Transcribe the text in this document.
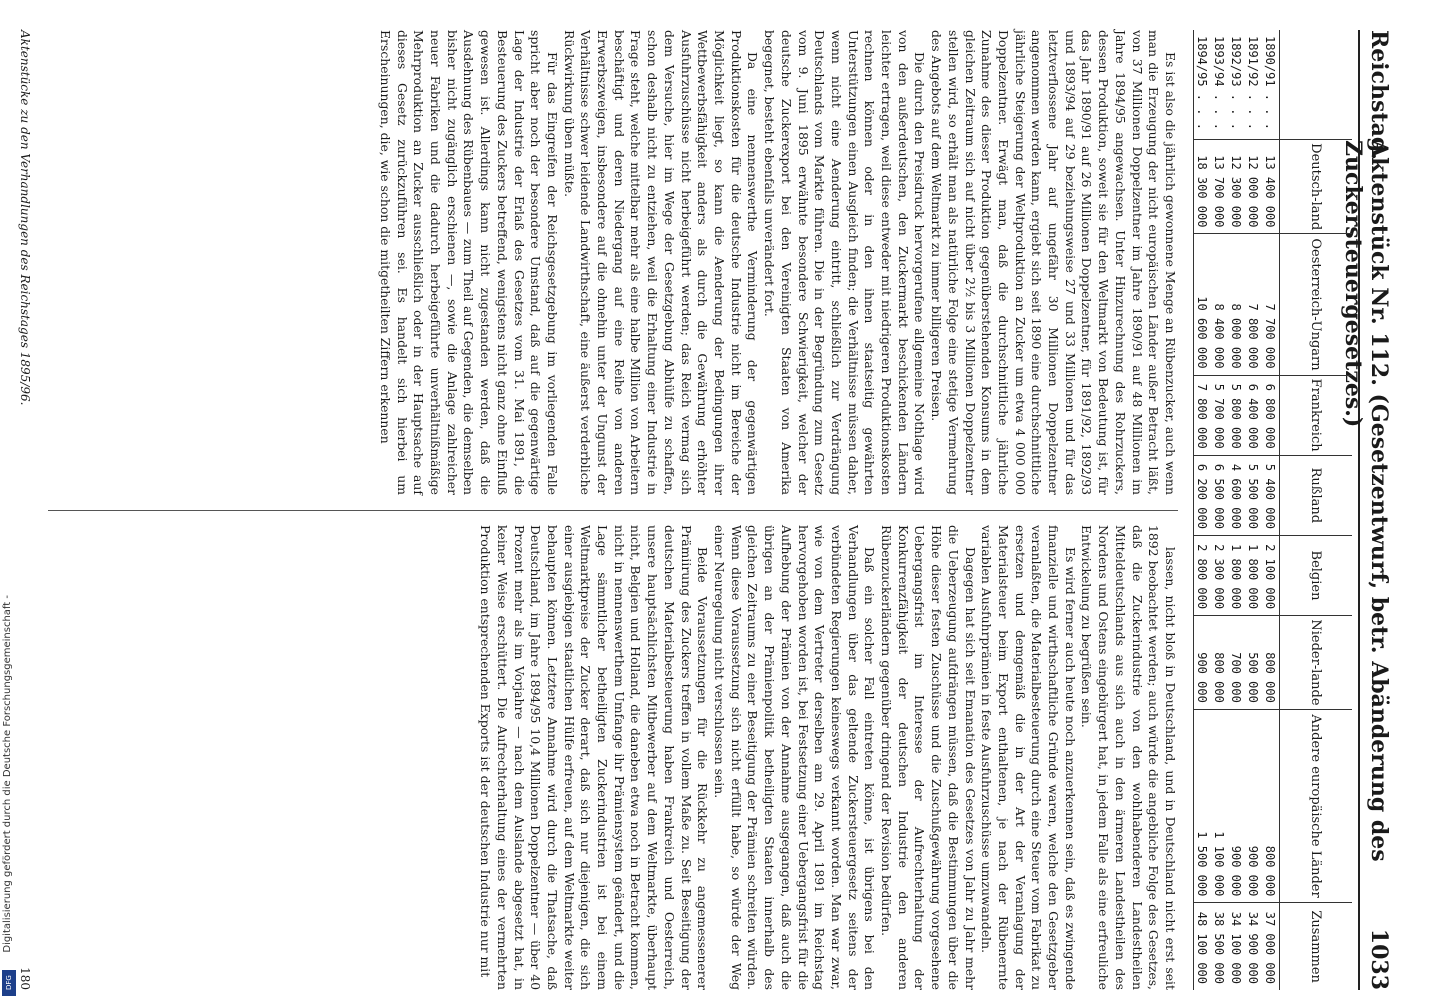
Digitalisierung gefördert durch die Deutsche Forschungsgemeinschaft -
DFG
Reichstag.
Aktenstück Nr. 112. (Gesetzentwurf, betr. Abänderung des Zuckersteuergesetzes.)
1033
	Deutsch-land	Oesterreich-Ungarn	Frankreich	Rußland	Belgien	Nieder-lande	Andere europäische Länder	Zusammen
1890/91 . . .	13 400 000	7 700 000	6 800 000	5 400 000	2 100 000	800 000	800 000	37 000 000
1891/92 . . .	12 000 000	7 800 000	6 400 000	5 500 000	1 800 000	500 000	900 000	34 900 000
1892/93 . . .	12 300 000	8 000 000	5 800 000	4 600 000	1 800 000	700 000	900 000	34 100 000
1893/94 . . .	13 700 000	8 400 000	5 700 000	6 500 000	2 300 000	800 000	1 100 000	38 500 000
1894/95 . . .	18 300 000	10 600 000	7 800 000	6 200 000	2 800 000	900 000	1 500 000	48 100 000

Es ist also die jährlich gewonnene Menge an Rübenzucker, auch wenn man die Erzeugung der nicht europäischen Länder außer Betracht läßt, von 37 Millionen Doppelzentner im Jahre 1890/91 auf 48 Millionen im Jahre 1894/95 angewachsen. Unter Hinzurechnung des Rohrzuckers, dessen Produktion, soweit sie für den Weltmarkt von Bedeutung ist, für das Jahr 1890/91 auf 26 Millionen Doppelzentner, für 1891/92, 1892/93 und 1893/94 auf 29 beziehungsweise 27 und 33 Millionen und für das letztverflossene Jahr auf ungefähr 30 Millionen Doppelzentner angenommen werden kann, ergiebt sich seit 1890 eine durchschnittliche jährliche Steigerung der Weltproduktion an Zucker um etwa 4 000 000 Doppelzentner. Erwägt man, daß die durchschnittliche jährliche Zunahme des dieser Produktion gegenüberstehenden Konsums in dem gleichen Zeitraum sich auf nicht über 2½ bis 3 Millionen Doppelzentner stellen wird, so erhält man als natürliche Folge eine stetige Vermehrung des Angebots auf dem Weltmarkt zu immer billigeren Preisen.

Die durch den Preisdruck hervorgerufene allgemeine Nothlage wird von den außerdeutschen, den Zuckermarkt beschickenden Ländern leichter ertragen, weil diese entweder mit niedrigeren Produktionskosten rechnen können oder in den ihnen staatseitig gewährten Unterstützungen einen Ausgleich finden; die Verhältnisse müssen daher, wenn nicht eine Aenderung eintritt, schließlich zur Verdrängung Deutschlands vom Markte führen. Die in der Begründung zum Gesetz vom 9. Juni 1895 erwähnte besondere Schwierigkeit, welcher der deutsche Zuckerexport bei den Vereinigten Staaten von Amerika begegnet, besteht ebenfalls unverändert fort.

Da eine nennenswerthe Verminderung der gegenwärtigen Produktionskosten für die deutsche Industrie nicht im Bereiche der Möglichkeit liegt, so kann die Aenderung der Bedingungen ihrer Wettbewerbsfähigkeit anders als durch die Gewährung erhöhter Ausfuhrzuschüsse nicht herbeigeführt werden; das Reich vermag sich dem Versuche, hier im Wege der Gesetzgebung Abhülfe zu schaffen, schon deshalb nicht zu entziehen, weil die Erhaltung einer Industrie in Frage steht, welche mittelbar mehr als eine halbe Million von Arbeitern beschäftigt und deren Niedergang auf eine Reihe von anderen Erwerbszweigen, insbesondere auf die ohnehin unter der Ungunst der Verhältnisse schwer leidende Landwirthschaft, eine äußerst verderbliche Rückwirkung üben müßte.

Für das Eingreifen der Reichsgesetzgebung im vorliegenden Falle spricht aber noch der besondere Umstand, daß auf die gegenwärtige Lage der Industrie der Erlaß des Gesetzes vom 31. Mai 1891, die Besteuerung des Zuckers betreffend, wenigstens nicht ganz ohne Einfluß gewesen ist. Allerdings kann nicht zugestanden werden, daß die Ausdehnung des Rübenbaues — zum Theil auf Gegenden, die demselben bisher nicht zugänglich erschienen —, sowie die Anlage zahlreicher neuer Fabriken und die dadurch herbeigeführte unverhältnißmäßige Mehrproduktion an Zucker ausschließlich oder in der Hauptsache auf dieses Gesetz zurückzuführen sei. Es handelt sich hierbei um Erscheinungen, die, wie schon die mitgetheilten Ziffern erkennen

lassen, nicht bloß in Deutschland, und in Deutschland nicht erst seit 1892 beobachtet werden; auch würde die angebliche Folge des Gesetzes, daß die Zuckerindustrie von den wohlhabenderen Landestheilen Mitteldeutschlands aus sich auch in den ärmeren Landestheilen des Nordens und Ostens eingebürgert hat, in jedem Falle als eine erfreuliche Entwickelung zu begrüßen sein.

Es wird ferner auch heute noch anzuerkennen sein, daß es zwingende finanzielle und wirthschaftliche Gründe waren, welche den Gesetzgeber veranlaßten, die Materialbesteuerung durch eine Steuer vom Fabrikat zu ersetzen und demgemäß die in der Art der Veranlagung der Materialsteuer beim Export enthaltenen, je nach der Rübenernte variablen Ausfuhrprämien in feste Ausfuhrzuschüsse umzuwandeln.

Dagegen hat sich seit Emanation des Gesetzes von Jahr zu Jahr mehr die Ueberzeugung aufdrängen müssen, daß die Bestimmungen über die Höhe dieser festen Zuschüsse und die Zuschußgewährung vorgesehene Uebergangsfrist im Interesse der Aufrechterhaltung der Konkurrenzfähigkeit der deutschen Industrie den anderen Rübenzuckerländern gegenüber dringend der Revision bedürfen.

Daß ein solcher Fall eintreten könne, ist übrigens bei den Verhandlungen über das geltende Zuckersteuergesetz seitens der verbündeten Regierungen keineswegs verkannt worden. Man war zwar, wie von dem Vertreter derselben am 29. April 1891 im Reichstag hervorgehoben worden ist, bei Festsetzung einer Uebergangsfrist für die Aufhebung der Prämien von der Annahme ausgegangen, daß auch die übrigen an der Prämienpolitik betheiligten Staaten innerhalb des gleichen Zeitraums zu einer Beseitigung der Prämien schreiten würden. Wenn diese Voraussetzung sich nicht erfüllt habe, so würde der Weg einer Neuregelung nicht verschlossen sein.

Beide Voraussetzungen für die Rückkehr zu angemessenerer Prämiirung des Zuckers treffen in vollem Maße zu. Seit Beseitigung der deutschen Materialbesteuerung haben Frankreich und Oesterreich, unsere hauptsächlichsten Mitbewerber auf dem Weltmarkte, überhaupt nicht, Belgien und Holland, die daneben etwa noch in Betracht kommen, nicht in nennenswerthem Umfange ihr Prämiensystem geändert, und die Lage sämmtlicher betheiligten Zuckerindustrien ist bei einem Weltmarktpreise der Zucker derart, daß sich nur diejenigen, die sich einer ausgiebigen staatlichen Hülfe erfreuen, auf dem Weltmarkte weiter behaupten können. Letztere Annahme wird durch die Thatsache, daß Deutschland, im Jahre 1894/95 10,4 Millionen Doppelzentner — über 40 Prozent mehr als im Vorjahre — nach dem Auslande abgesetzt hat, in keiner Weise erschüttert. Die Aufrechterhaltung eines der vermehrten Produktion entsprechenden Exports ist der deutschen Industrie nur mit

Aktenstücke zu den Verhandlungen des Reichstages 1895/96.
180
